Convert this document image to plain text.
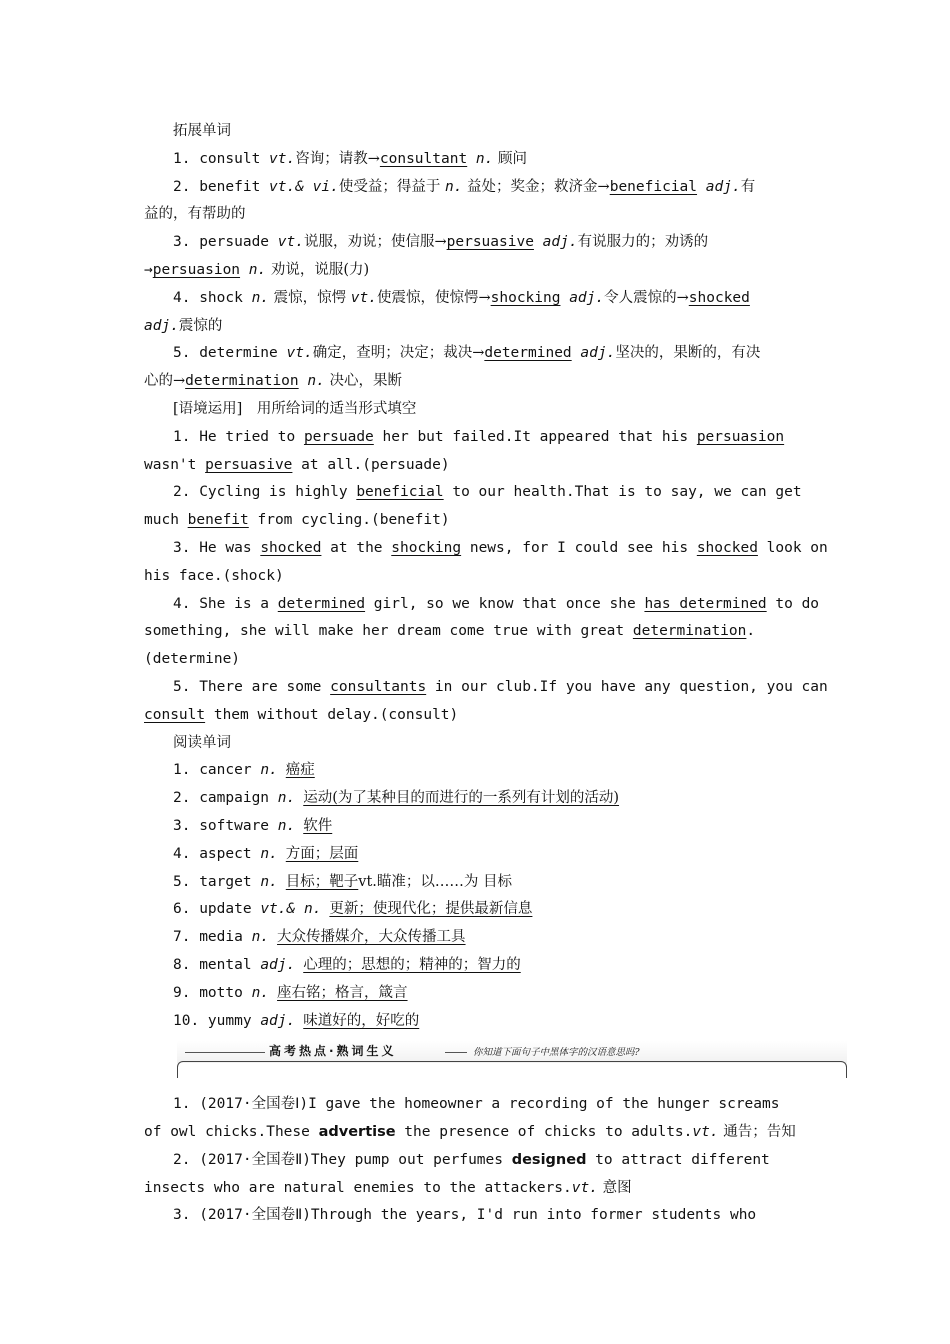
拓展单词
1. consult vt.咨询；请教→consultant n. 顾问
2. benefit vt.& vi.使受益；得益于 n. 益处；奖金；救济金→beneficial adj.有
益的，有帮助的
3. persuade vt.说服，劝说；使信服→persuasive adj.有说服力的；劝诱的
→persuasion n. 劝说，说服(力)
4. shock n. 震惊，惊愕 vt.使震惊，使惊愕→shocking adj.令人震惊的→shocked
adj.震惊的
5. determine vt.确定，查明；决定；裁决→determined adj.坚决的，果断的，有决
心的→determination n. 决心，果断
[语境运用]　用所给词的适当形式填空
1. He tried to persuade her but failed.It appeared that his persuasion
wasn't persuasive at all.(persuade)
2. Cycling is highly beneficial to our health.That is to say, we can get
much benefit from cycling.(benefit)
3. He was shocked at the shocking news, for I could see his shocked look on
his face.(shock)
4. She is a determined girl, so we know that once she has determined to do
something, she will make her dream come true with great determination.
(determine)
5. There are some consultants in our club.If you have any question, you can
consult them without delay.(consult)
阅读单词
1. cancer n. 癌症
2. campaign n. 运动(为了某种目的而进行的一系列有计划的活动)
3. software n. 软件
4. aspect n. 方面；层面
5. target n. 目标；靶子vt.瞄准；以……为 目标
6. update vt.& n. 更新；使现代化；提供最新信息
7. media n. 大众传播媒介，大众传播工具
8. mental adj. 心理的；思想的；精神的；智力的
9. motto n. 座右铭；格言，箴言
10. yummy adj. 味道好的，好吃的
高考热点·熟词生义	你知道下面句子中黑体字的汉语意思吗?
1. (2017·全国卷Ⅰ)I gave the homeowner a recording of the hunger screams
of owl chicks.These advertise the presence of chicks to adults.vt. 通告；告知
2. (2017·全国卷Ⅱ)They pump out perfumes designed to attract different
insects who are natural enemies to the attackers.vt. 意图
3. (2017·全国卷Ⅱ)Through the years, I'd run into former students who
